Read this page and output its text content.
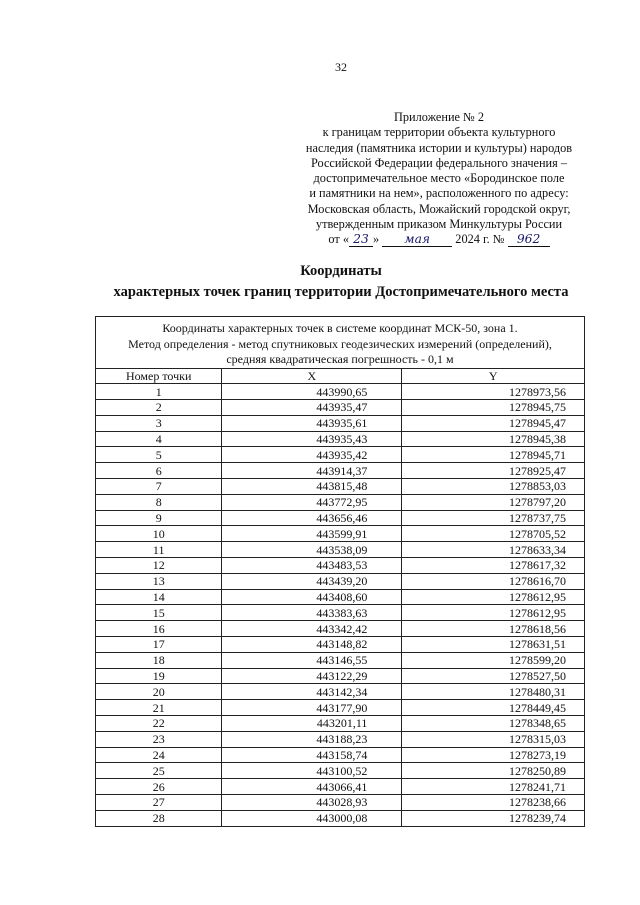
32
Приложение № 2
к границам территории объекта культурного
наследия (памятника истории и культуры) народов
Российской Федерации федерального значения –
достопримечательное место «Бородинское поле
и памятники на нем», расположенного по адресу:
Московская область, Можайский городской округ,
утвержденным приказом Минкультуры России
от « 23 » мая 2024 г. № 962
Координаты
характерных точек границ территории Достопримечательного места
Координаты характерных точек в системе координат МСК-50, зона 1.
Метод определения - метод спутниковых геодезических измерений (определений),
средняя квадратическая погрешность - 0,1 м		

Номер точки	X	Y
1	443990,65	1278973,56
2	443935,47	1278945,75
3	443935,61	1278945,47
4	443935,43	1278945,38
5	443935,42	1278945,71
6	443914,37	1278925,47
7	443815,48	1278853,03
8	443772,95	1278797,20
9	443656,46	1278737,75
10	443599,91	1278705,52
11	443538,09	1278633,34
12	443483,53	1278617,32
13	443439,20	1278616,70
14	443408,60	1278612,95
15	443383,63	1278612,95
16	443342,42	1278618,56
17	443148,82	1278631,51
18	443146,55	1278599,20
19	443122,29	1278527,50
20	443142,34	1278480,31
21	443177,90	1278449,45
22	443201,11	1278348,65
23	443188,23	1278315,03
24	443158,74	1278273,19
25	443100,52	1278250,89
26	443066,41	1278241,71
27	443028,93	1278238,66
28	443000,08	1278239,74
